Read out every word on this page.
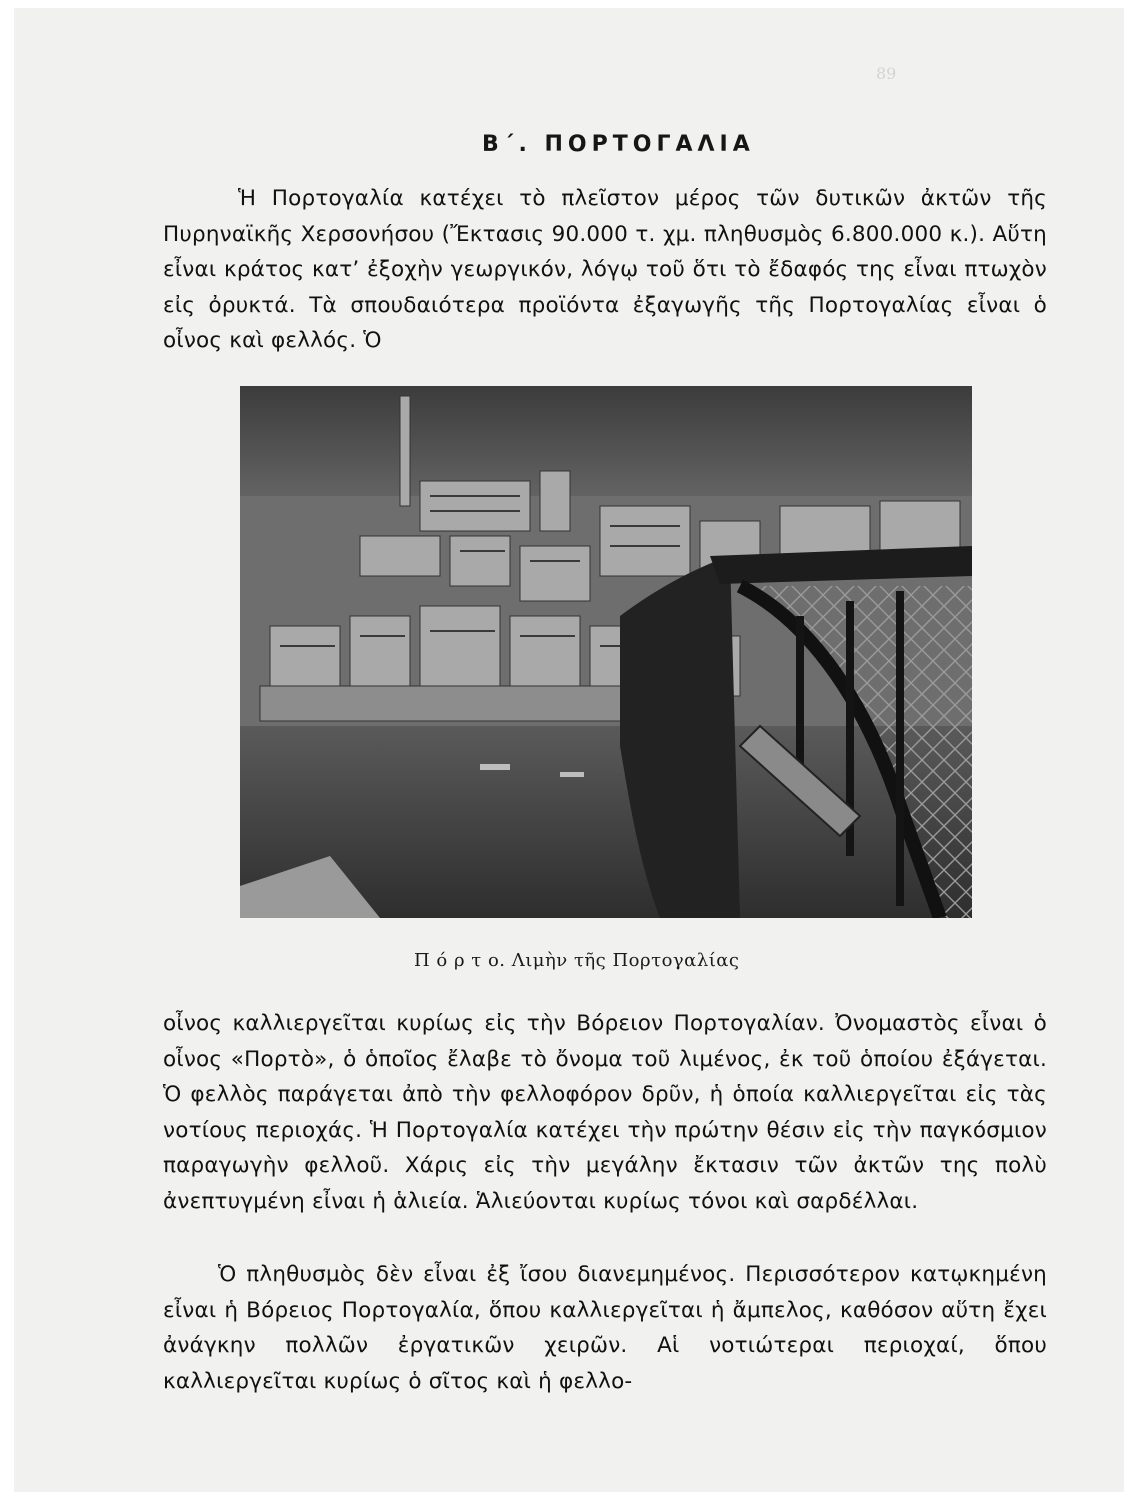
89
Β΄. ΠΟΡΤΟΓΑΛΙΑ
Ἡ Πορτογαλία κατέχει τὸ πλεῖστον μέρος τῶν δυτικῶν ἀκτῶν τῆς Πυρηναϊκῆς Χερσονήσου (Ἔκτασις 90.000 τ. χμ. πληθυσμὸς 6.800.000 κ.). Αὕτη εἶναι κράτος κατ’ ἐξοχὴν γεωργικόν, λόγῳ τοῦ ὅτι τὸ ἔδαφός της εἶναι πτωχὸν εἰς ὀρυκτά. Τὰ σπουδαιότερα προϊόντα ἐξαγωγῆς τῆς Πορτογαλίας εἶναι ὁ οἶνος καὶ φελλός. Ὁ
Π ό ρ τ ο. Λιμὴν τῆς Πορτογαλίας
οἶνος καλλιεργεῖται κυρίως εἰς τὴν Βόρειον Πορτογαλίαν. Ὀνομαστὸς εἶναι ὁ οἶνος «Πορτὸ», ὁ ὁποῖος ἔλαβε τὸ ὄνομα τοῦ λιμένος, ἐκ τοῦ ὁποίου ἐξάγεται. Ὁ φελλὸς παράγεται ἀπὸ τὴν φελλοφόρον δρῦν, ἡ ὁποία καλλιεργεῖται εἰς τὰς νοτίους περιοχάς. Ἡ Πορτογαλία κατέχει τὴν πρώτην θέσιν εἰς τὴν παγκόσμιον παραγωγὴν φελλοῦ. Χάρις εἰς τὴν μεγάλην ἔκτασιν τῶν ἀκτῶν της πολὺ ἀνεπτυγμένη εἶναι ἡ ἁλιεία. Ἁλιεύονται κυρίως τόνοι καὶ σαρδέλλαι.
Ὁ πληθυσμὸς δὲν εἶναι ἐξ ἴσου διανεμημένος. Περισσότερον κατῳκημένη εἶναι ἡ Βόρειος Πορτογαλία, ὅπου καλλιεργεῖται ἡ ἄμπελος, καθόσον αὕτη ἔχει ἀνάγκην πολλῶν ἐργατικῶν χειρῶν. Αἱ νοτιώτεραι περιοχαί, ὅπου καλλιεργεῖται κυρίως ὁ σῖτος καὶ ἡ φελλο-
